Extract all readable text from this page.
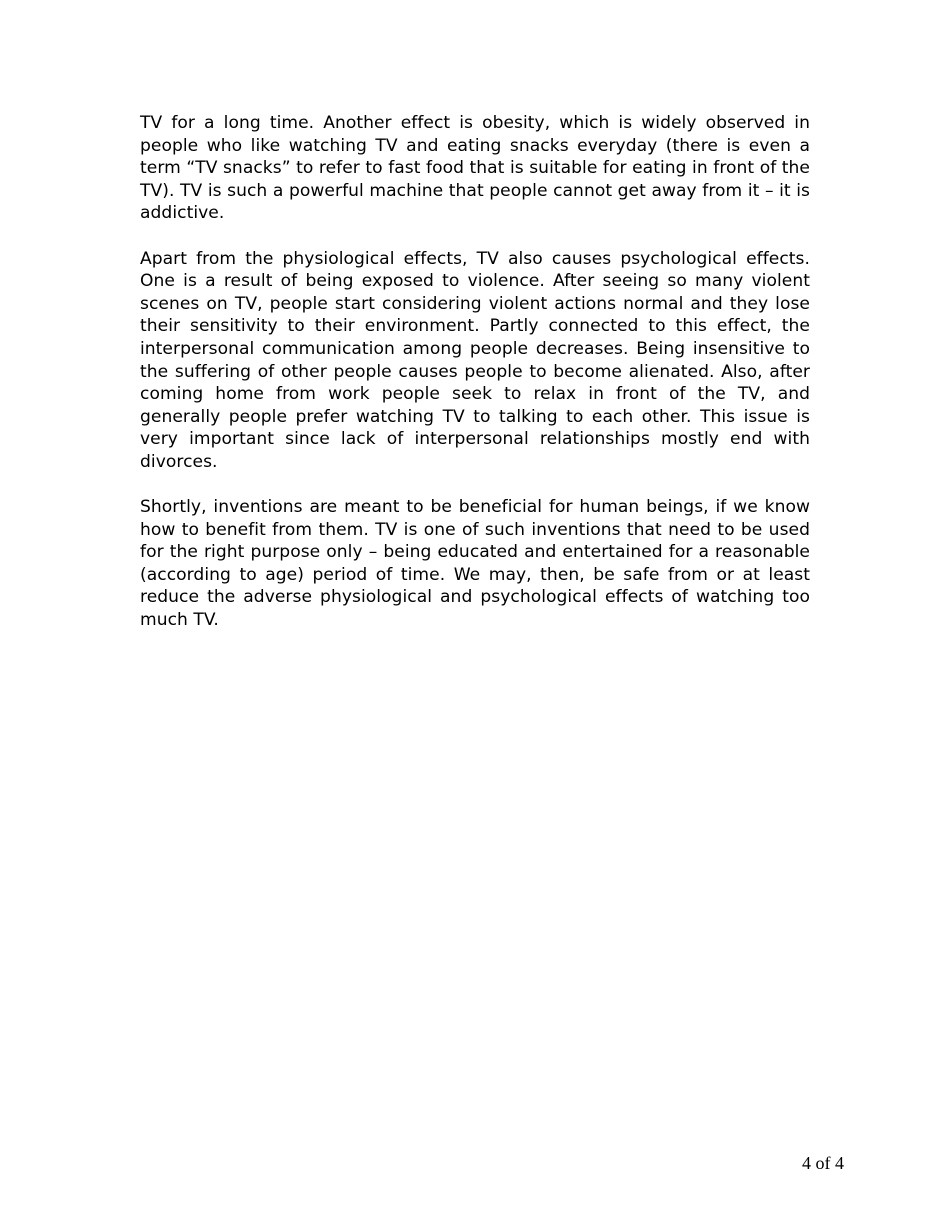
TV for a long time. Another effect is obesity, which is widely observed in people who like watching TV and eating snacks everyday (there is even a term “TV snacks” to refer to fast food that is suitable for eating in front of the TV). TV is such a powerful machine that people cannot get away from it – it is addictive.

Apart from the physiological effects, TV also causes psychological effects. One is a result of being exposed to violence. After seeing so many violent scenes on TV, people start considering violent actions normal and they lose their sensitivity to their environment. Partly connected to this effect, the interpersonal communication among people decreases. Being insensitive to the suffering of other people causes people to become alienated. Also, after coming home from work people seek to relax in front of the TV, and generally people prefer watching TV to talking to each other. This issue is very important since lack of interpersonal relationships mostly end with divorces.

Shortly, inventions are meant to be beneficial for human beings, if we know how to benefit from them. TV is one of such inventions that need to be used for the right purpose only – being educated and entertained for a reasonable (according to age) period of time. We may, then, be safe from or at least reduce the adverse physiological and psychological effects of watching too much TV.

4 of 4
